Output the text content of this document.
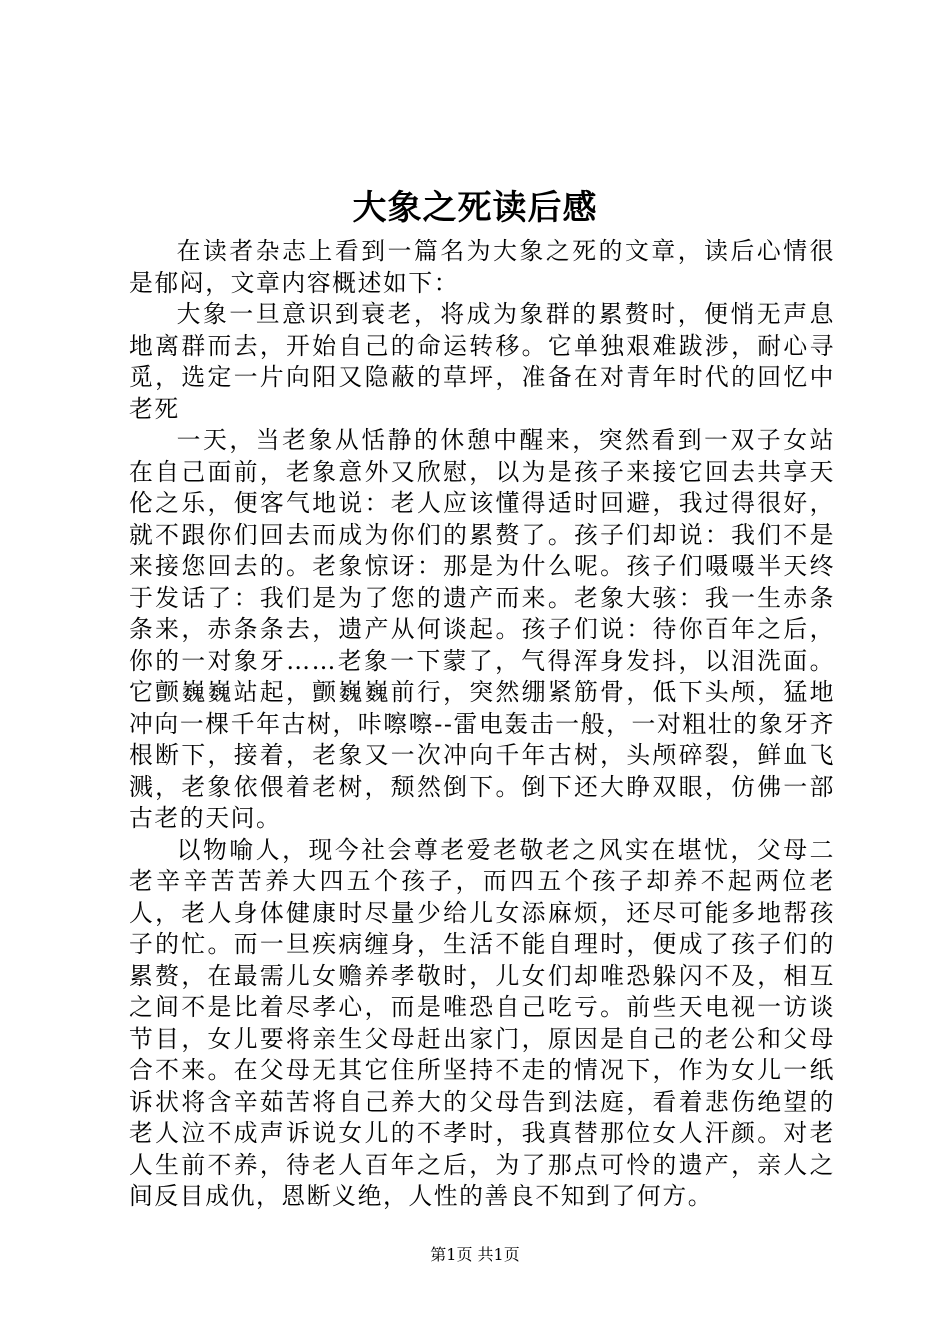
大象之死读后感

在读者杂志上看到一篇名为大象之死的文章，读后心情很是郁闷，文章内容概述如下：

大象一旦意识到衰老，将成为象群的累赘时，便悄无声息地离群而去，开始自己的命运转移。它单独艰难跋涉，耐心寻觅，选定一片向阳又隐蔽的草坪，准备在对青年时代的回忆中老死

一天，当老象从恬静的休憩中醒来，突然看到一双子女站在自己面前，老象意外又欣慰，以为是孩子来接它回去共享天伦之乐，便客气地说：老人应该懂得适时回避，我过得很好，就不跟你们回去而成为你们的累赘了。孩子们却说：我们不是来接您回去的。老象惊讶：那是为什么呢。孩子们嗫嗫半天终于发话了：我们是为了您的遗产而来。老象大骇：我一生赤条条来，赤条条去，遗产从何谈起。孩子们说：待你百年之后，你的一对象牙……老象一下蒙了，气得浑身发抖，以泪洗面。它颤巍巍站起，颤巍巍前行，突然绷紧筋骨，低下头颅，猛地冲向一棵千年古树，咔嚓嚓--雷电轰击一般，一对粗壮的象牙齐根断下，接着，老象又一次冲向千年古树，头颅碎裂，鲜血飞溅，老象依偎着老树，颓然倒下。倒下还大睁双眼，仿佛一部古老的天问。

以物喻人，现今社会尊老爱老敬老之风实在堪忧，父母二老辛辛苦苦养大四五个孩子，而四五个孩子却养不起两位老人，老人身体健康时尽量少给儿女添麻烦，还尽可能多地帮孩子的忙。而一旦疾病缠身，生活不能自理时，便成了孩子们的累赘，在最需儿女赡养孝敬时，儿女们却唯恐躲闪不及，相互之间不是比着尽孝心，而是唯恐自己吃亏。前些天电视一访谈节目，女儿要将亲生父母赶出家门，原因是自己的老公和父母合不来。在父母无其它住所坚持不走的情况下，作为女儿一纸诉状将含辛茹苦将自己养大的父母告到法庭，看着悲伤绝望的老人泣不成声诉说女儿的不孝时，我真替那位女人汗颜。对老人生前不养，待老人百年之后，为了那点可怜的遗产，亲人之间反目成仇，恩断义绝，人性的善良不知到了何方。

第1页 共1页
